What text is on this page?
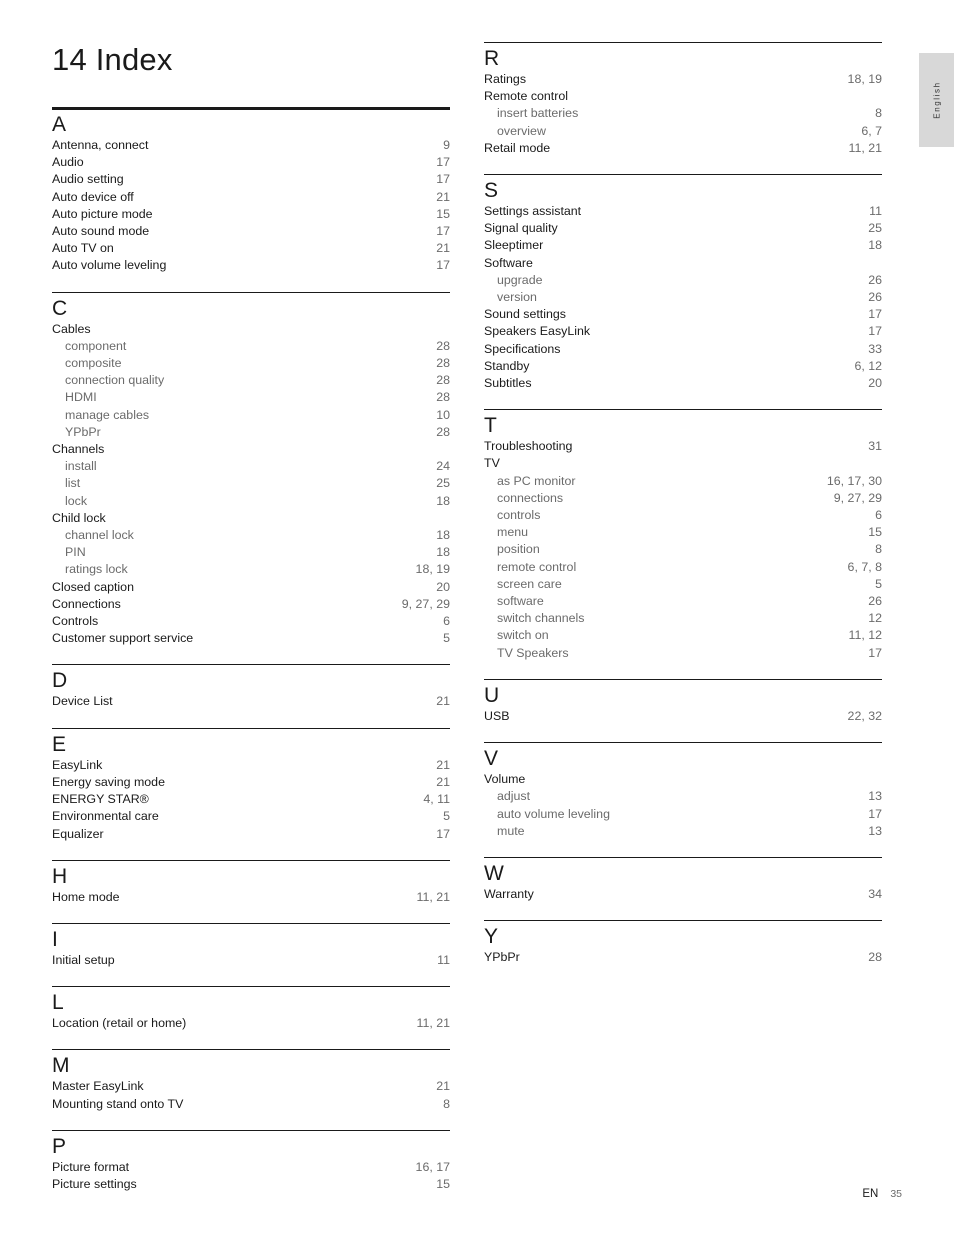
14 Index
A
Antenna, connect	9
Audio	17
Audio setting	17
Auto device off	21
Auto picture mode	15
Auto sound mode	17
Auto TV on	21
Auto volume leveling	17
C
Cables
component	28
composite	28
connection quality	28
HDMI	28
manage cables	10
YPbPr	28
Channels
install	24
list	25
lock	18
Child lock
channel lock	18
PIN	18
ratings lock	18, 19
Closed caption	20
Connections	9, 27, 29
Controls	6
Customer support service	5
D
Device List	21
E
EasyLink	21
Energy saving mode	21
ENERGY STAR®	4, 11
Environmental care	5
Equalizer	17
H
Home mode	11, 21
I
Initial setup	11
L
Location (retail or home)	11, 21
M
Master EasyLink	21
Mounting stand onto TV	8
P
Picture format	16, 17
Picture settings	15
R
Ratings	18, 19
Remote control
insert batteries	8
overview	6, 7
Retail mode	11, 21
S
Settings assistant	11
Signal quality	25
Sleeptimer	18
Software
upgrade	26
version	26
Sound settings	17
Speakers EasyLink	17
Specifications	33
Standby	6, 12
Subtitles	20
T
Troubleshooting	31
TV
as PC monitor	16, 17, 30
connections	9, 27, 29
controls	6
menu	15
position	8
remote control	6, 7, 8
screen care	5
software	26
switch channels	12
switch on	11, 12
TV Speakers	17
U
USB	22, 32
V
Volume
adjust	13
auto volume leveling	17
mute	13
W
Warranty	34
Y
YPbPr	28
English
EN 35
